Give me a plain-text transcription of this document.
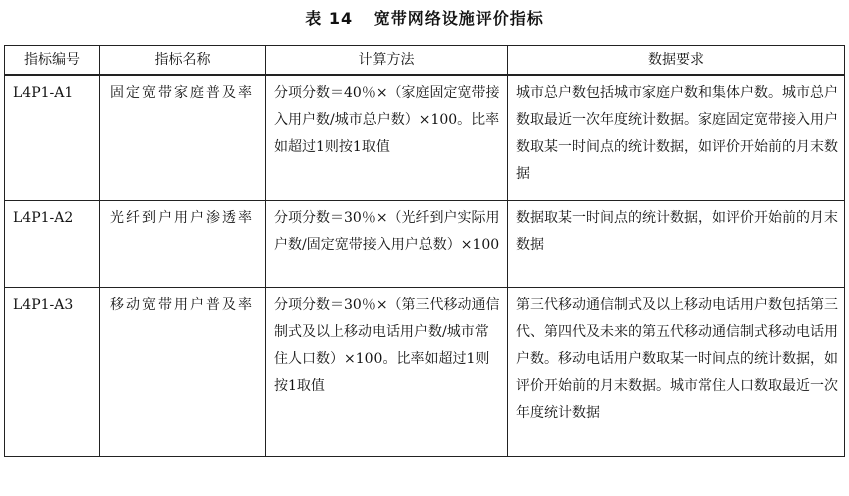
表 14 宽带网络设施评价指标
指标编号	指标名称	计算方法	数据要求
L4P1-A1	固定宽带家庭普及率	分项分数＝40％×（家庭固定宽带接入用户数/城市总户数）×100。比率如超过1则按1取值	城市总户数包括城市家庭户数和集体户数。城市总户数取最近一次年度统计数据。家庭固定宽带接入用户数取某一时间点的统计数据，如评价开始前的月末数据
L4P1-A2	光纤到户用户渗透率	分项分数＝30％×（光纤到户实际用户数/固定宽带接入用户总数）×100	数据取某一时间点的统计数据，如评价开始前的月末数据
L4P1-A3	移动宽带用户普及率	分项分数＝30％×（第三代移动通信制式及以上移动电话用户数/城市常住人口数）×100。比率如超过1则按1取值	第三代移动通信制式及以上移动电话用户数包括第三代、第四代及未来的第五代移动通信制式移动电话用户数。移动电话用户数取某一时间点的统计数据，如评价开始前的月末数据。城市常住人口数取最近一次年度统计数据
